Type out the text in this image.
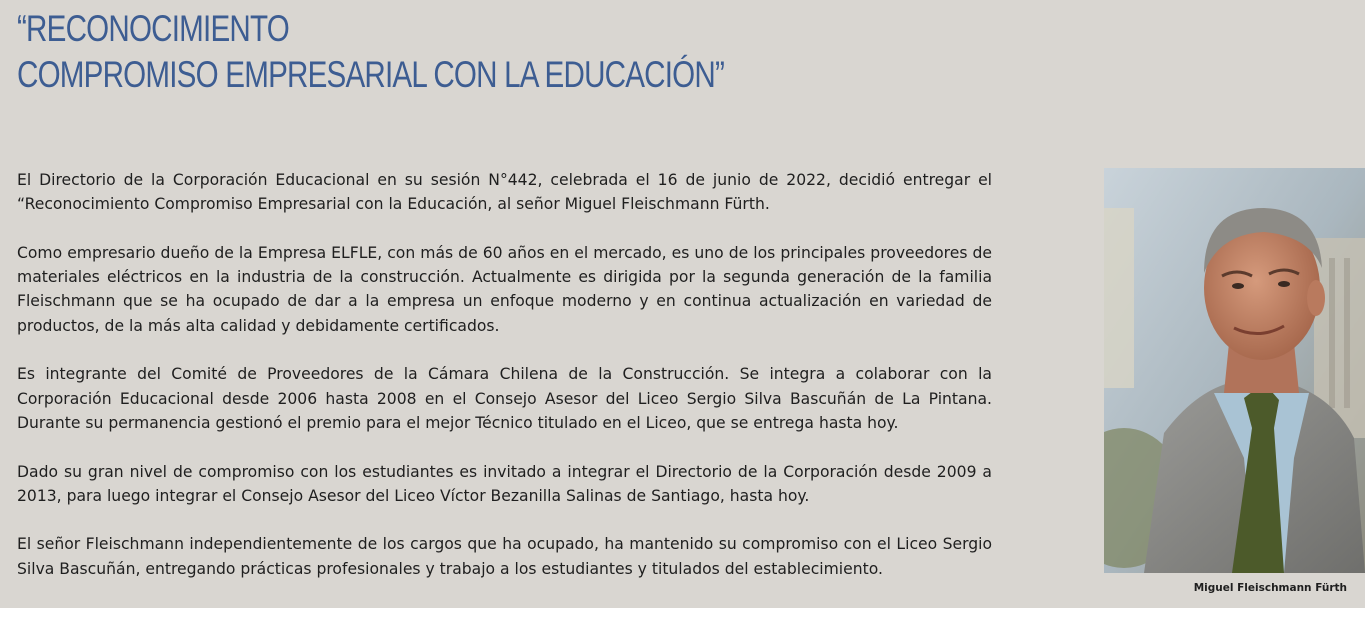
“RECONOCIMIENTO
COMPROMISO EMPRESARIAL CON LA EDUCACIÓN”

El Directorio de la Corporación Educacional en su sesión N°442, celebrada el 16 de junio de 2022, decidió entregar el “Reconocimiento Compromiso Empresarial con la Educación, al señor Miguel Fleischmann Fürth.

Como empresario dueño de la Empresa ELFLE, con más de 60 años en el mercado, es uno de los principales proveedores de materiales eléctricos en la industria de la construcción. Actualmente es dirigida por la segunda generación de la familia Fleischmann que se ha ocupado de dar a la empresa un enfoque moderno y en continua actualización en variedad de productos, de la más alta calidad y debidamente certificados.

Es integrante del Comité de Proveedores de la Cámara Chilena de la Construcción. Se integra a colaborar con la Corporación Educacional desde 2006 hasta 2008 en el Consejo Asesor del Liceo Sergio Silva Bascuñán de La Pintana. Durante su permanencia gestionó el premio para el mejor Técnico titulado en el Liceo, que se entrega hasta hoy.

Dado su gran nivel de compromiso con los estudiantes es invitado a integrar el Directorio de la Corporación desde 2009 a 2013, para luego integrar el Consejo Asesor del Liceo Víctor Bezanilla Salinas de Santiago, hasta hoy.

El señor Fleischmann independientemente de los cargos que ha ocupado, ha mantenido su compromiso con el Liceo Sergio Silva Bascuñán, entregando prácticas profesionales y trabajo a los estudiantes y titulados del establecimiento.

Miguel Fleischmann Fürth
